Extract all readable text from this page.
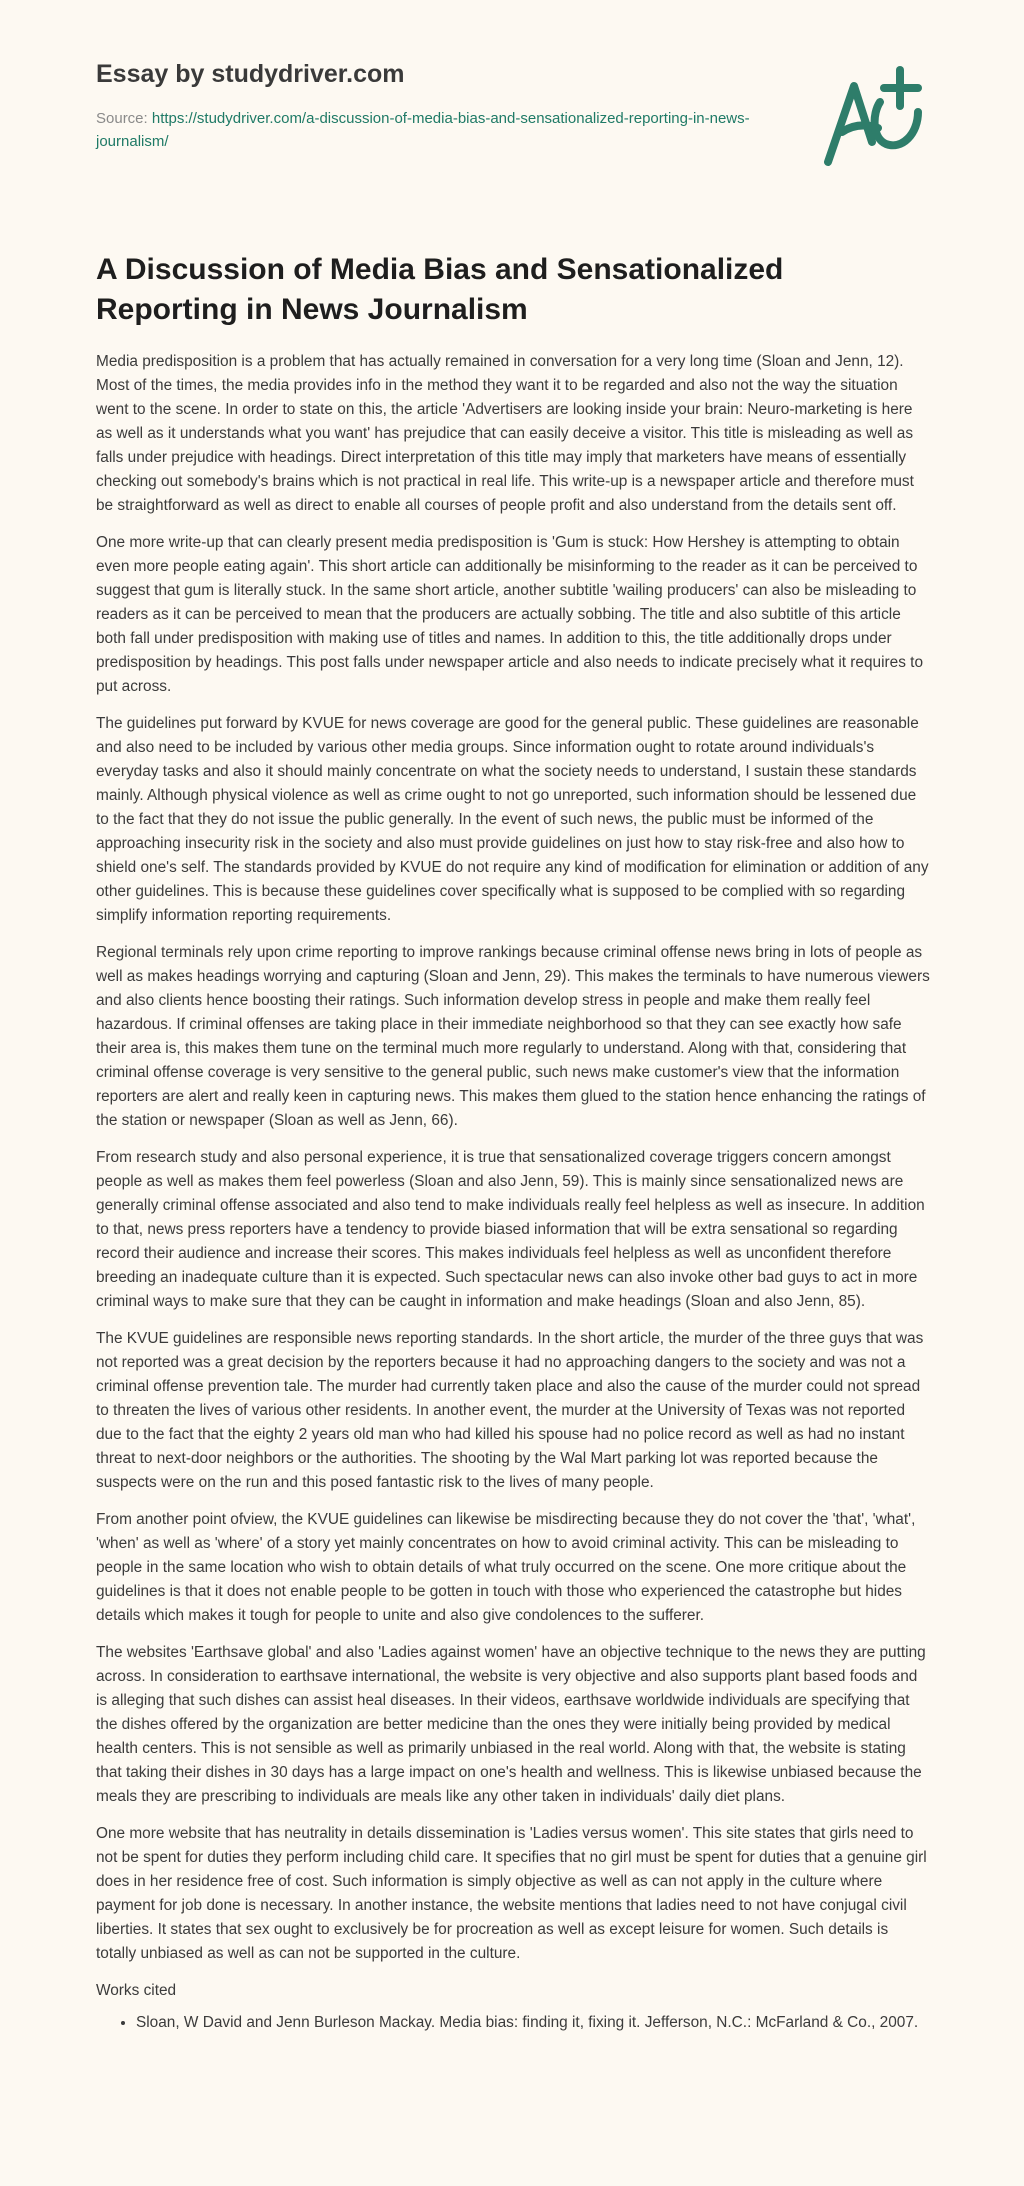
Essay by studydriver.com
Source: https://studydriver.com/a-discussion-of-media-bias-and-sensationalized-reporting-in-news-journalism/
A Discussion of Media Bias and Sensationalized Reporting in News Journalism

Media predisposition is a problem that has actually remained in conversation for a very long time (Sloan and Jenn, 12). Most of the times, the media provides info in the method they want it to be regarded and also not the way the situation went to the scene. In order to state on this, the article 'Advertisers are looking inside your brain: Neuro-marketing is here as well as it understands what you want' has prejudice that can easily deceive a visitor. This title is misleading as well as falls under prejudice with headings. Direct interpretation of this title may imply that marketers have means of essentially checking out somebody's brains which is not practical in real life. This write-up is a newspaper article and therefore must be straightforward as well as direct to enable all courses of people profit and also understand from the details sent off.

One more write-up that can clearly present media predisposition is 'Gum is stuck: How Hershey is attempting to obtain even more people eating again'. This short article can additionally be misinforming to the reader as it can be perceived to suggest that gum is literally stuck. In the same short article, another subtitle 'wailing producers' can also be misleading to readers as it can be perceived to mean that the producers are actually sobbing. The title and also subtitle of this article both fall under predisposition with making use of titles and names. In addition to this, the title additionally drops under predisposition by headings. This post falls under newspaper article and also needs to indicate precisely what it requires to put across.

The guidelines put forward by KVUE for news coverage are good for the general public. These guidelines are reasonable and also need to be included by various other media groups. Since information ought to rotate around individuals's everyday tasks and also it should mainly concentrate on what the society needs to understand, I sustain these standards mainly. Although physical violence as well as crime ought to not go unreported, such information should be lessened due to the fact that they do not issue the public generally. In the event of such news, the public must be informed of the approaching insecurity risk in the society and also must provide guidelines on just how to stay risk-free and also how to shield one's self. The standards provided by KVUE do not require any kind of modification for elimination or addition of any other guidelines. This is because these guidelines cover specifically what is supposed to be complied with so regarding simplify information reporting requirements.

Regional terminals rely upon crime reporting to improve rankings because criminal offense news bring in lots of people as well as makes headings worrying and capturing (Sloan and Jenn, 29). This makes the terminals to have numerous viewers and also clients hence boosting their ratings. Such information develop stress in people and make them really feel hazardous. If criminal offenses are taking place in their immediate neighborhood so that they can see exactly how safe their area is, this makes them tune on the terminal much more regularly to understand. Along with that, considering that criminal offense coverage is very sensitive to the general public, such news make customer's view that the information reporters are alert and really keen in capturing news. This makes them glued to the station hence enhancing the ratings of the station or newspaper (Sloan as well as Jenn, 66).

From research study and also personal experience, it is true that sensationalized coverage triggers concern amongst people as well as makes them feel powerless (Sloan and also Jenn, 59). This is mainly since sensationalized news are generally criminal offense associated and also tend to make individuals really feel helpless as well as insecure. In addition to that, news press reporters have a tendency to provide biased information that will be extra sensational so regarding record their audience and increase their scores. This makes individuals feel helpless as well as unconfident therefore breeding an inadequate culture than it is expected. Such spectacular news can also invoke other bad guys to act in more criminal ways to make sure that they can be caught in information and make headings (Sloan and also Jenn, 85).

The KVUE guidelines are responsible news reporting standards. In the short article, the murder of the three guys that was not reported was a great decision by the reporters because it had no approaching dangers to the society and was not a criminal offense prevention tale. The murder had currently taken place and also the cause of the murder could not spread to threaten the lives of various other residents. In another event, the murder at the University of Texas was not reported due to the fact that the eighty 2 years old man who had killed his spouse had no police record as well as had no instant threat to next-door neighbors or the authorities. The shooting by the Wal Mart parking lot was reported because the suspects were on the run and this posed fantastic risk to the lives of many people.

From another point ofview, the KVUE guidelines can likewise be misdirecting because they do not cover the 'that', 'what', 'when' as well as 'where' of a story yet mainly concentrates on how to avoid criminal activity. This can be misleading to people in the same location who wish to obtain details of what truly occurred on the scene. One more critique about the guidelines is that it does not enable people to be gotten in touch with those who experienced the catastrophe but hides details which makes it tough for people to unite and also give condolences to the sufferer.

The websites 'Earthsave global' and also 'Ladies against women' have an objective technique to the news they are putting across. In consideration to earthsave international, the website is very objective and also supports plant based foods and is alleging that such dishes can assist heal diseases. In their videos, earthsave worldwide individuals are specifying that the dishes offered by the organization are better medicine than the ones they were initially being provided by medical health centers. This is not sensible as well as primarily unbiased in the real world. Along with that, the website is stating that taking their dishes in 30 days has a large impact on one's health and wellness. This is likewise unbiased because the meals they are prescribing to individuals are meals like any other taken in individuals' daily diet plans.

One more website that has neutrality in details dissemination is 'Ladies versus women'. This site states that girls need to not be spent for duties they perform including child care. It specifies that no girl must be spent for duties that a genuine girl does in her residence free of cost. Such information is simply objective as well as can not apply in the culture where payment for job done is necessary. In another instance, the website mentions that ladies need to not have conjugal civil liberties. It states that sex ought to exclusively be for procreation as well as except leisure for women. Such details is totally unbiased as well as can not be supported in the culture.

Works cited
• Sloan, W David and Jenn Burleson Mackay. Media bias: finding it, fixing it. Jefferson, N.C.: McFarland & Co., 2007.
